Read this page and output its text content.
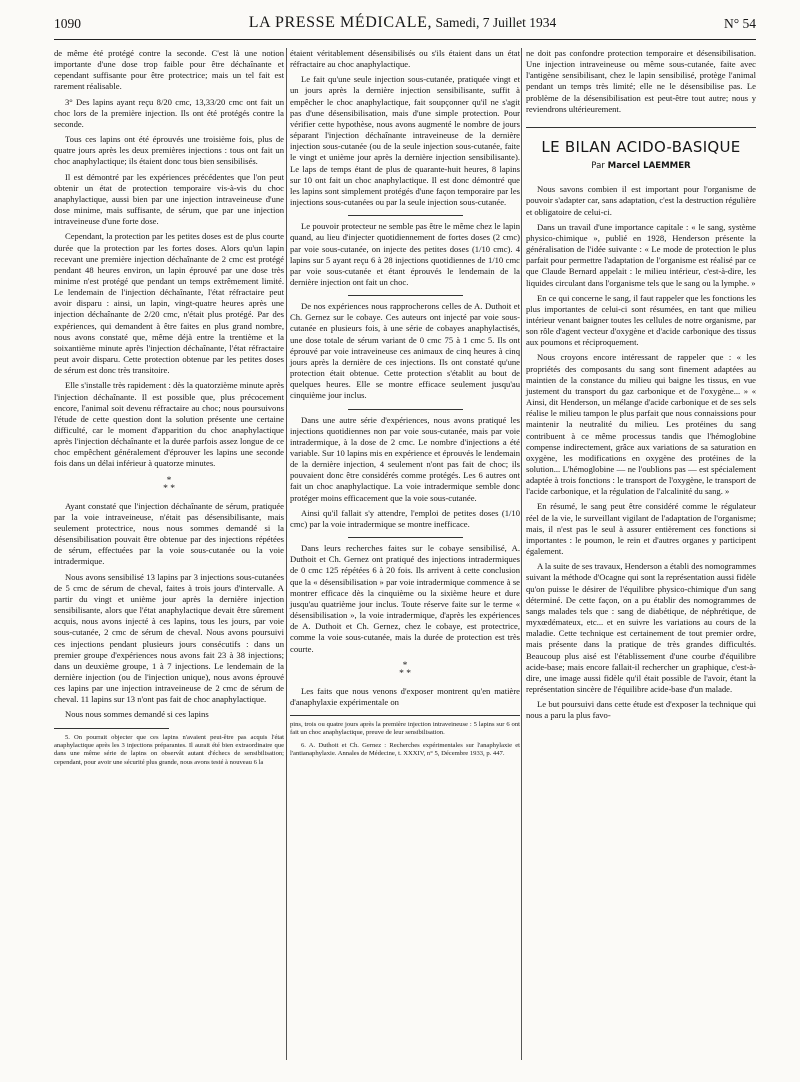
1090	LA PRESSE MÉDICALE, Samedi, 7 Juillet 1934	N° 54

de même été protégé contre la seconde. C'est là une notion importante d'une dose trop faible pour être déchaînante et cependant suffisante pour être protectrice; mais un tel fait est rarement réalisable.

3° Des lapins ayant reçu 8/20 cmc, 13,33/20 cmc ont fait un choc lors de la première injection. Ils ont été protégés contre la seconde.

Tous ces lapins ont été éprouvés une troisième fois, plus de quatre jours après les deux premières injections : tous ont fait un choc anaphylactique; ils étaient donc tous bien sensibilisés.

Il est démontré par les expériences précédentes que l'on peut obtenir un état de protection temporaire vis-à-vis du choc anaphylactique, aussi bien par une injection intraveineuse d'une dose minime, mais suffisante, de sérum, que par une injection intraveineuse d'une forte dose.

Cependant, la protection par les petites doses est de plus courte durée que la protection par les fortes doses. Alors qu'un lapin recevant une première injection déchaînante de 2 cmc est protégé pendant 48 heures environ, un lapin éprouvé par une dose très minime n'est protégé que pendant un temps extrêmement limité. Le lendemain de l'injection déchaînante, l'état réfractaire peut avoir disparu : ainsi, un lapin, vingt-quatre heures après une injection déchaînante de 2/20 cmc, n'était plus protégé. Par des expériences, qui demandent à être faites en plus grand nombre, nous avons constaté que, même déjà entre la trentième et la soixantième minute après l'injection déchaînante, l'état réfractaire peut avoir disparu. Cette protection obtenue par les petites doses de sérum est donc très transitoire.

Elle s'installe très rapidement : dès la quatorzième minute après l'injection déchaînante. Il est possible que, plus précocement encore, l'animal soit devenu réfractaire au choc; nous poursuivons l'étude de cette question dont la solution présente une certaine difficulté, car le moment d'apparition du choc anaphylactique après l'injection déchaînante et la durée parfois assez longue de ce choc empêchent généralement d'éprouver les lapins une seconde fois dans un délai inférieur à quatorze minutes.

*
* *

Ayant constaté que l'injection déchaînante de sérum, pratiquée par la voie intraveineuse, n'était pas désensibilisante, mais seulement protectrice, nous nous sommes demandé si la désensibilisation pouvait être obtenue par des injections répétées de sérum, effectuées par la voie sous-cutanée ou la voie intradermique.

Nous avons sensibilisé 13 lapins par 3 injections sous-cutanées de 5 cmc de sérum de cheval, faites à trois jours d'intervalle. A partir du vingt et unième jour après la dernière injection sensibilisante, alors que l'état anaphylactique devait être sûrement acquis, nous avons injecté à ces lapins, tous les jours, par voie sous-cutanée, 2 cmc de sérum de cheval. Nous avons poursuivi ces injections pendant plusieurs jours consécutifs : dans un premier groupe d'expériences nous avons fait 23 à 38 injections; dans un deuxième groupe, 1 à 7 injections. Le lendemain de la dernière injection (ou de l'injection unique), nous avons éprouvé ces lapins par une injection intraveineuse de 2 cmc de sérum de cheval. 11 lapins sur 13 n'ont pas fait de choc anaphylactique.

Nous nous sommes demandé si ces lapins

5. On pourrait objecter que ces lapins n'avaient peut-être pas acquis l'état anaphylactique après les 3 injections préparantes. Il aurait été bien extraordinaire que dans une même série de lapins on observât autant d'échecs de sensibilisation; cependant, pour avoir une sécurité plus grande, nous avons testé à nouveau 6 la

étaient véritablement désensibilisés ou s'ils étaient dans un état réfractaire au choc anaphylactique.

Le fait qu'une seule injection sous-cutanée, pratiquée vingt et un jours après la dernière injection sensibilisante, suffit à empêcher le choc anaphylactique, fait soupçonner qu'il ne s'agit pas d'une désensibilisation, mais d'une simple protection. Pour vérifier cette hypothèse, nous avons augmenté le nombre de jours séparant l'injection déchaînante intraveineuse de la dernière injection sous-cutanée (ou de la seule injection sous-cutanée, faite le vingt et unième jour après la dernière injection sensibilisante). Le laps de temps étant de plus de quarante-huit heures, 8 lapins sur 10 ont fait un choc anaphylactique. Il est donc démontré que les lapins sont simplement protégés d'une façon temporaire par les injections sous-cutanées ou par la seule injection sous-cutanée.

Le pouvoir protecteur ne semble pas être le même chez le lapin quand, au lieu d'injecter quotidiennement de fortes doses (2 cmc) par voie sous-cutanée, on injecte des petites doses (1/10 cmc). 4 lapins sur 5 ayant reçu 6 à 28 injections quotidiennes de 1/10 cmc par voie sous-cutanée et étant éprouvés le lendemain de la dernière injection ont fait un choc.

De nos expériences nous rapprocherons celles de A. Duthoit et Ch. Gernez sur le cobaye. Ces auteurs ont injecté par voie sous-cutanée en plusieurs fois, à une série de cobayes anaphylactisés, une dose totale de sérum variant de 0 cmc 75 à 1 cmc 5. Ils ont éprouvé par voie intraveineuse ces animaux de cinq heures à cinq jours après la dernière de ces injections. Ils ont constaté qu'une protection était obtenue. Cette protection s'établit au bout de quelques heures. Elle se montre efficace seulement jusqu'au cinquième jour inclus.

Dans une autre série d'expériences, nous avons pratiqué les injections quotidiennes non par voie sous-cutanée, mais par voie intradermique, à la dose de 2 cmc. Le nombre d'injections a été variable. Sur 10 lapins mis en expérience et éprouvés le lendemain de la dernière injection, 4 seulement n'ont pas fait de choc; ils pouvaient donc être considérés comme protégés. Les 6 autres ont fait un choc anaphylactique. La voie intradermique semble donc protéger moins efficacement que la voie sous-cutanée.

Ainsi qu'il fallait s'y attendre, l'emploi de petites doses (1/10 cmc) par la voie intradermique se montre inefficace.

Dans leurs recherches faites sur le cobaye sensibilisé, A. Duthoit et Ch. Gernez ont pratiqué des injections intradermiques de 0 cmc 125 répétées 6 à 20 fois. Ils arrivent à cette conclusion que la « désensibilisation » par voie intradermique commence à se montrer efficace dès la cinquième ou la sixième heure et dure jusqu'au quatrième jour inclus. Toute réserve faite sur le terme « désensibilisation », la voie intradermique, d'après les expériences de A. Duthoit et Ch. Gernez, chez le cobaye, est protectrice, comme la voie sous-cutanée, mais la durée de protection est très courte.

*
* *

Les faits que nous venons d'exposer montrent qu'en matière d'anaphylaxie expérimentale on

pins, trois ou quatre jours après la première injection intraveineuse : 5 lapins sur 6 ont fait un choc anaphylactique, preuve de leur sensibilisation.

6. A. Duthoit et Ch. Gernez : Recherches expérimentales sur l'anaphylaxie et l'antianaphylaxie. Annales de Médecine, t. XXXIV, n° 5, Décembre 1933, p. 447.

ne doit pas confondre protection temporaire et désensibilisation. Une injection intraveineuse ou même sous-cutanée, faite avec l'antigène sensibilisant, chez le lapin sensibilisé, protège l'animal pendant un temps très limité; elle ne le désensibilise pas. Le problème de la désensibilisation est peut-être tout autre; nous y reviendrons ultérieurement.

LE BILAN ACIDO-BASIQUE
Par Marcel LAEMMER

Nous savons combien il est important pour l'organisme de pouvoir s'adapter car, sans adaptation, c'est la destruction régulière et obligatoire de celui-ci.

Dans un travail d'une importance capitale : « le sang, système physico-chimique », publié en 1928, Henderson présente la généralisation de l'idée suivante : « Le mode de protection le plus parfait pour permettre l'adaptation de l'organisme est réalisé par ce que Claude Bernard appelait : le milieu intérieur, c'est-à-dire, les liquides circulant dans l'organisme tels que le sang ou la lymphe. »

En ce qui concerne le sang, il faut rappeler que les fonctions les plus importantes de celui-ci sont résumées, en tant que milieu intérieur venant baigner toutes les cellules de notre organisme, par son rôle d'agent vecteur d'oxygène et d'acide carbonique des tissus aux poumons et réciproquement.

Nous croyons encore intéressant de rappeler que : « les propriétés des composants du sang sont finement adaptées au maintien de la constance du milieu qui baigne les tissus, en vue justement du transport du gaz carbonique et de l'oxygène... » « Ainsi, dit Henderson, un mélange d'acide carbonique et de ses sels réalise le milieu tampon le plus parfait que nous connaissions pour maintenir la neutralité du milieu. Les protéines du sang contribuent à ce même processus tandis que l'hémoglobine compense indirectement, grâce aux variations de sa saturation en oxygène, les modifications en oxygène des protéines de la solution... L'hémoglobine — ne l'oublions pas — est spécialement adaptée à trois fonctions : le transport de l'oxygène, le transport de l'acide carbonique, et la régulation de l'alcalinité du sang. »

En résumé, le sang peut être considéré comme le régulateur réel de la vie, le surveillant vigilant de l'adaptation de l'organisme; mais, il n'est pas le seul à assurer entièrement ces fonctions si importantes : le poumon, le rein et d'autres organes y participent également.

A la suite de ses travaux, Henderson a établi des nomogrammes suivant la méthode d'Ocagne qui sont la représentation aussi fidèle qu'on puisse le désirer de l'équilibre physico-chimique d'un sang déterminé. De cette façon, on a pu établir des nomogrammes de sangs malades tels que : sang de diabétique, de néphrétique, de myxœdémateux, etc... et en suivre les variations au cours de la maladie. Cette technique est certainement de tout premier ordre, mais présente dans la pratique de très grandes difficultés. Beaucoup plus aisé est l'établissement d'une courbe d'équilibre acide-base; mais encore fallait-il rechercher un graphique, c'est-à-dire, une image aussi fidèle qu'il était possible de l'avoir, étant la représentation sincère de l'équilibre acide-base d'un malade.

Le but poursuivi dans cette étude est d'exposer la technique qui nous a paru la plus favo-
